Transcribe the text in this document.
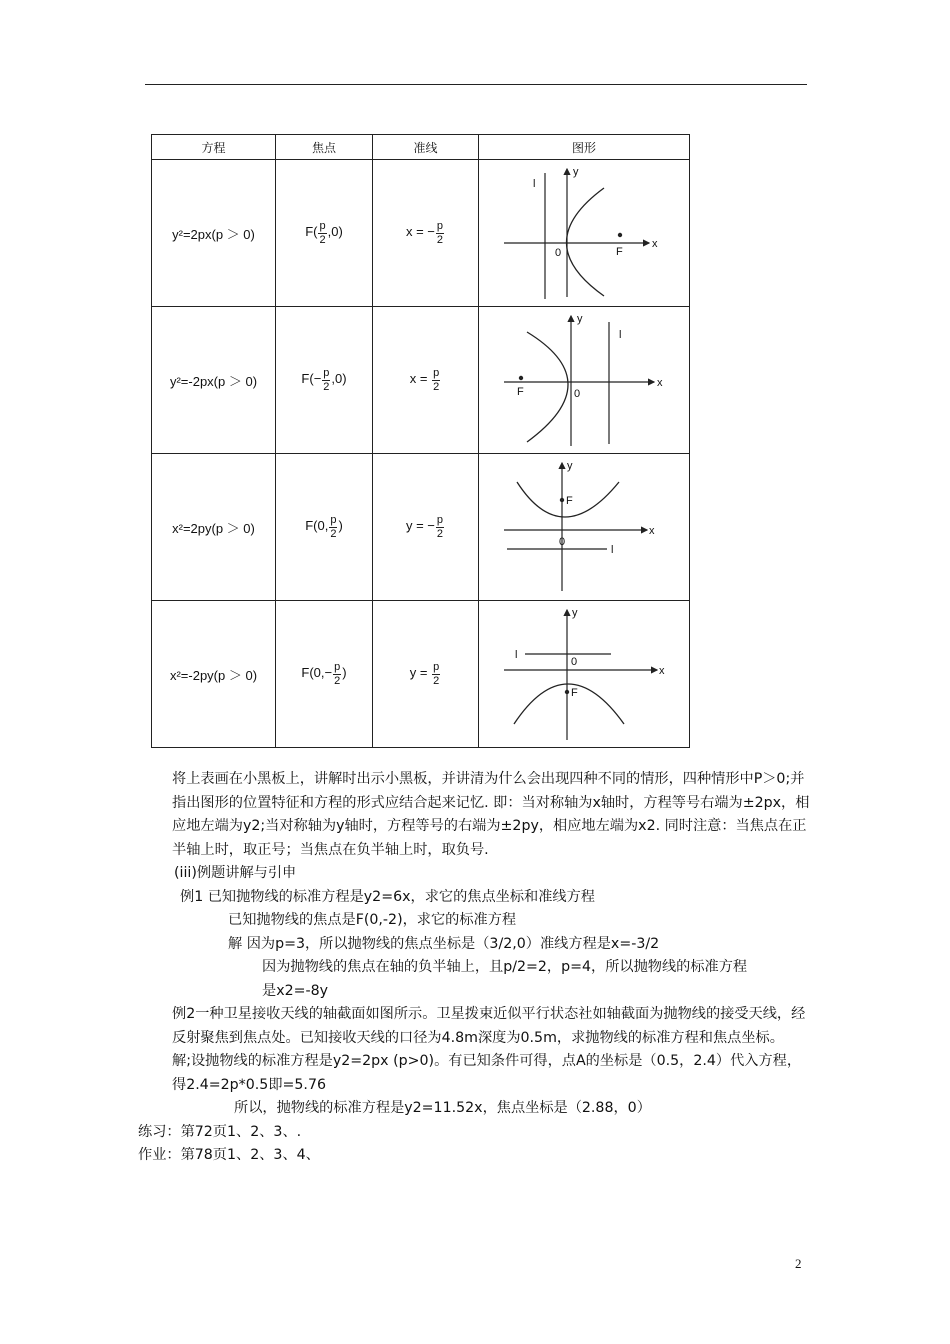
方程	焦点	准线	图形
y²=2px(p ＞ 0)	$F( \frac{p}{2} ,0)$	x = − $\frac{p}{2}$	x
y
0 F
l

y²=-2px(p ＞ 0)	$F(- \frac{p}{2} ,0)$	$x = \frac{p}{2}$	x
y
0
F
l

x²=2py(p ＞ 0)	F(0, $\frac{p}{2}$ )	y = − $\frac{p}{2}$	x
y
0
F
l

x²=-2py(p ＞ 0)	$F(0,- \frac{p}{2}$ )	$y = \frac{p}{2}$	x
y
0
F
l

将上表画在小黑板上，讲解时出示小黑板，并讲清为什么会出现四种不同的情形，四种情形中P＞0;并指出图形的位置特征和方程的形式应结合起来记忆. 即：当对称轴为x轴时，方程等号右端为±2px，相应地左端为y2;当对称轴为y轴时，方程等号的右端为±2py，相应地左端为x2. 同时注意：当焦点在正半轴上时，取正号；当焦点在负半轴上时，取负号.

(iii)例题讲解与引申

例1 已知抛物线的标准方程是y2=6x，求它的焦点坐标和准线方程

已知抛物线的焦点是F(0,-2)，求它的标准方程

解 因为p=3，所以抛物线的焦点坐标是（3/2,0）准线方程是x=-3/2

因为抛物线的焦点在轴的负半轴上，且p/2=2，p=4，所以抛物线的标准方程

是x2=-8y

例2一种卫星接收天线的轴截面如图所示。卫星拨束近似平行状态社如轴截面为抛物线的接受天线，经反射聚焦到焦点处。已知接收天线的口径为4.8m深度为0.5m，求抛物线的标准方程和焦点坐标。

解;设抛物线的标准方程是y2=2px (p>0)。有已知条件可得，点A的坐标是（0.5，2.4）代入方程，得2.4=2p*0.5即=5.76

所以，抛物线的标准方程是y2=11.52x，焦点坐标是（2.88，0）

练习：第72页1、2、3、.

作业：第78页1、2、3、4、

2
